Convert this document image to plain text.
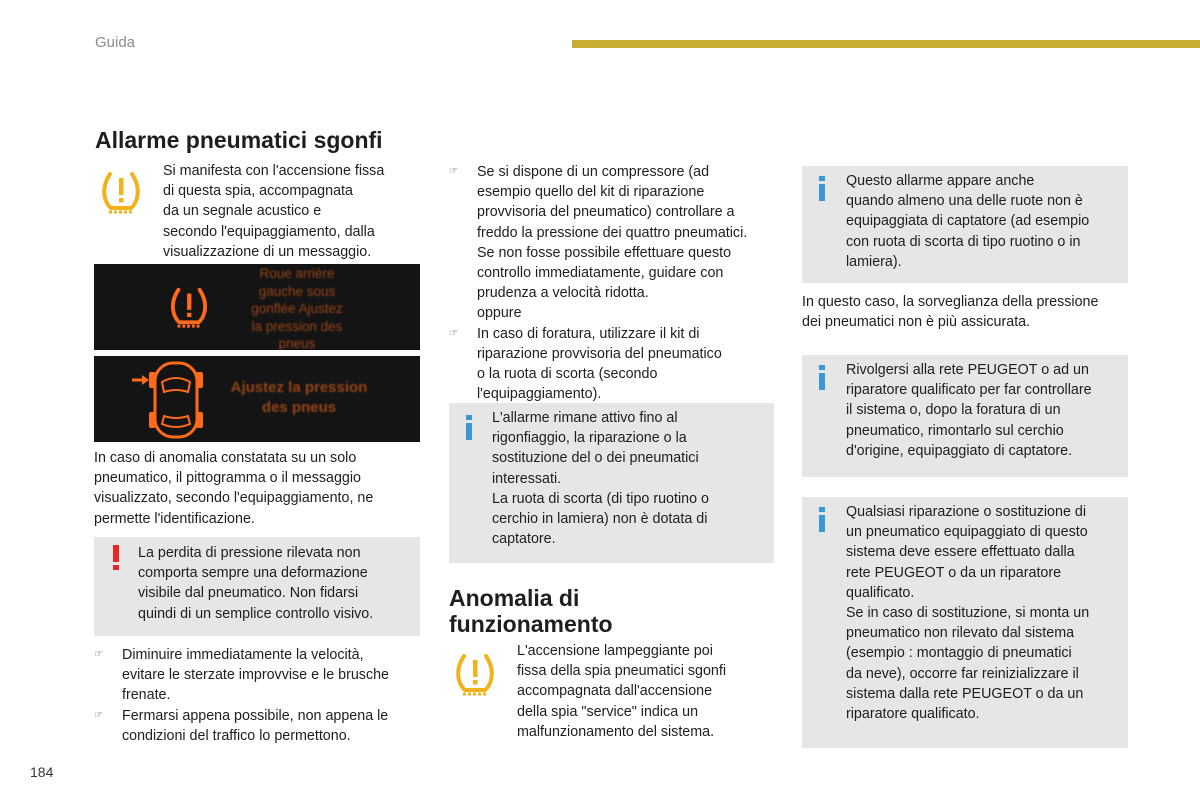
Guida
Allarme pneumatici sgonfi
Si manifesta con l'accensione fissa
di questa spia, accompagnata
da un segnale acustico e
secondo l'equipaggiamento, dalla
visualizzazione di un messaggio.
Roue arrière
gauche sous
gonflée Ajustez
la pression des
pneus
Ajustez la pression
des pneus
In caso di anomalia constatata su un solo
pneumatico, il pittogramma o il messaggio
visualizzato, secondo l'equipaggiamento, ne
permette l'identificazione.
La perdita di pressione rilevata non
comporta sempre una deformazione
visibile dal pneumatico. Non fidarsi
quindi di un semplice controllo visivo.
☞ Diminuire immediatamente la velocità,
evitare le sterzate improvvise e le brusche
frenate.
☞ Fermarsi appena possibile, non appena le
condizioni del traffico lo permettono.
☞ Se si dispone di un compressore (ad
esempio quello del kit di riparazione
provvisoria del pneumatico) controllare a
freddo la pressione dei quattro pneumatici.
Se non fosse possibile effettuare questo
controllo immediatamente, guidare con
prudenza a velocità ridotta.
oppure
☞ In caso di foratura, utilizzare il kit di
riparazione provvisoria del pneumatico
o la ruota di scorta (secondo
l'equipaggiamento).
L'allarme rimane attivo fino al
rigonfiaggio, la riparazione o la
sostituzione del o dei pneumatici
interessati.
La ruota di scorta (di tipo ruotino o
cerchio in lamiera) non è dotata di
captatore.
Anomalia di
funzionamento
L'accensione lampeggiante poi
fissa della spia pneumatici sgonfi
accompagnata dall'accensione
della spia "service" indica un
malfunzionamento del sistema.
Questo allarme appare anche
quando almeno una delle ruote non è
equipaggiata di captatore (ad esempio
con ruota di scorta di tipo ruotino o in
lamiera).
In questo caso, la sorveglianza della pressione
dei pneumatici non è più assicurata.
Rivolgersi alla rete PEUGEOT o ad un
riparatore qualificato per far controllare
il sistema o, dopo la foratura di un
pneumatico, rimontarlo sul cerchio
d'origine, equipaggiato di captatore.
Qualsiasi riparazione o sostituzione di
un pneumatico equipaggiato di questo
sistema deve essere effettuato dalla
rete PEUGEOT o da un riparatore
qualificato.
Se in caso di sostituzione, si monta un
pneumatico non rilevato dal sistema
(esempio : montaggio di pneumatici
da neve), occorre far reinizializzare il
sistema dalla rete PEUGEOT o da un
riparatore qualificato.
184
